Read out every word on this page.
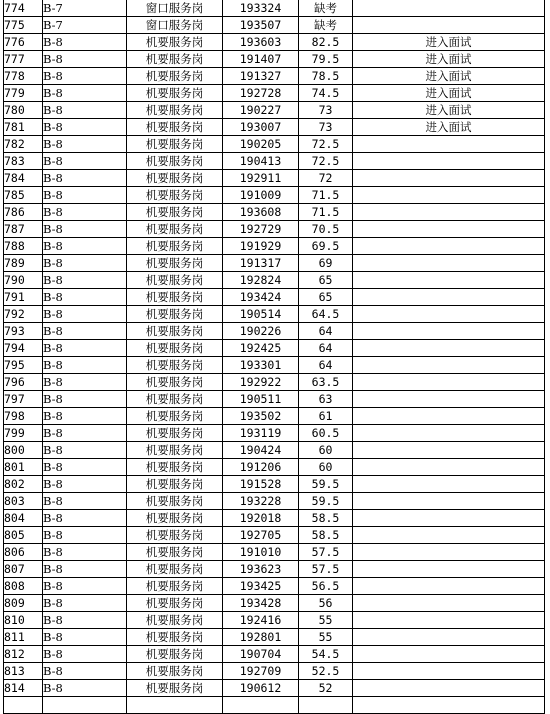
774	B-7	窗口服务岗	193324	缺考	
775	B-7	窗口服务岗	193507	缺考	
776	B-8	机要服务岗	193603	82.5	进入面试
777	B-8	机要服务岗	191407	79.5	进入面试
778	B-8	机要服务岗	191327	78.5	进入面试
779	B-8	机要服务岗	192728	74.5	进入面试
780	B-8	机要服务岗	190227	73	进入面试
781	B-8	机要服务岗	193007	73	进入面试
782	B-8	机要服务岗	190205	72.5	
783	B-8	机要服务岗	190413	72.5	
784	B-8	机要服务岗	192911	72	
785	B-8	机要服务岗	191009	71.5	
786	B-8	机要服务岗	193608	71.5	
787	B-8	机要服务岗	192729	70.5	
788	B-8	机要服务岗	191929	69.5	
789	B-8	机要服务岗	191317	69	
790	B-8	机要服务岗	192824	65	
791	B-8	机要服务岗	193424	65	
792	B-8	机要服务岗	190514	64.5	
793	B-8	机要服务岗	190226	64	
794	B-8	机要服务岗	192425	64	
795	B-8	机要服务岗	193301	64	
796	B-8	机要服务岗	192922	63.5	
797	B-8	机要服务岗	190511	63	
798	B-8	机要服务岗	193502	61	
799	B-8	机要服务岗	193119	60.5	
800	B-8	机要服务岗	190424	60	
801	B-8	机要服务岗	191206	60	
802	B-8	机要服务岗	191528	59.5	
803	B-8	机要服务岗	193228	59.5	
804	B-8	机要服务岗	192018	58.5	
805	B-8	机要服务岗	192705	58.5	
806	B-8	机要服务岗	191010	57.5	
807	B-8	机要服务岗	193623	57.5	
808	B-8	机要服务岗	193425	56.5	
809	B-8	机要服务岗	193428	56	
810	B-8	机要服务岗	192416	55	
811	B-8	机要服务岗	192801	55	
812	B-8	机要服务岗	190704	54.5	
813	B-8	机要服务岗	192709	52.5	
814	B-8	机要服务岗	190612	52	
